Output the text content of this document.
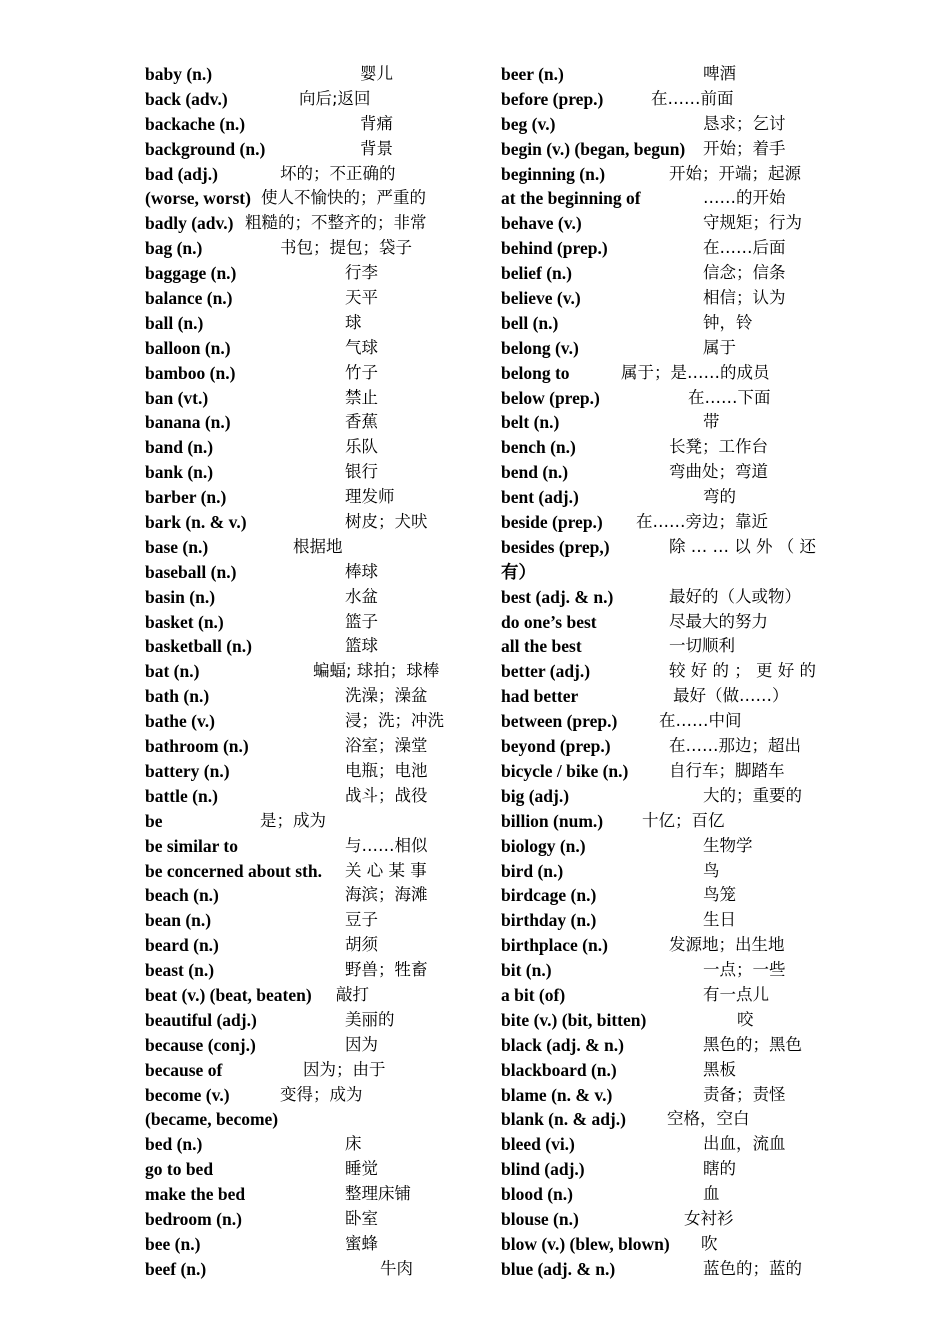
baby (n.)	婴儿
back (adv.)	向后;返回
backache (n.)	背痛
background (n.)	背景
bad (adj.)	坏的；不正确的
(worse, worst) 使人不愉快的；严重的
badly (adv.) 粗糙的；不整齐的；非常
bag (n.)	书包；提包；袋子
baggage (n.)	行李
balance (n.)	天平
ball (n.)	球
balloon (n.)	气球
bamboo (n.)	竹子
ban (vt.)	禁止
banana (n.)	香蕉
band (n.)	乐队
bank (n.)	银行
barber (n.)	理发师
bark (n. & v.)	树皮；犬吠
base (n.)	根据地
baseball (n.)	棒球
basin (n.)	水盆
basket (n.)	篮子
basketball (n.)	篮球
bat (n.)	蝙蝠; 球拍；球棒
bath (n.)	洗澡；澡盆
bathe (v.)	浸；洗；冲洗
bathroom (n.)	浴室；澡堂
battery (n.)	电瓶；电池
battle (n.)	战斗；战役
be	是；成为
be similar to	与……相似
be concerned about sth. 关 心 某 事
beach (n.)	海滨；海滩
bean (n.)	豆子
beard (n.)	胡须
beast (n.)	野兽；牲畜
beat (v.) (beat, beaten) 敲打
beautiful (adj.)	美丽的
because (conj.)	因为
because of	因为；由于
become (v.)	变得；成为
(became, become)
bed (n.)	床
go to bed	睡觉
make the bed	整理床铺
bedroom (n.)	卧室
bee (n.)	蜜蜂
beef (n.)	牛肉
beer (n.)	啤酒
before (prep.)	在……前面
beg (v.)	恳求；乞讨
begin (v.) (began, begun) 开始；着手
beginning (n.)	开始；开端；起源
at the beginning of	……的开始
behave (v.)	守规矩；行为
behind (prep.)	在……后面
belief (n.)	信念；信条
believe (v.)	相信；认为
bell (n.)	钟，铃
belong (v.)	属于
belong to	属于；是……的成员
below (prep.)	在……下面
belt (n.)	带
bench (n.)	长凳；工作台
bend (n.)	弯曲处；弯道
bent (adj.)	弯的
beside (prep.) 在……旁边；靠近
besides (prep,)	除 … … 以 外 （ 还
有）
best (adj. & n.)	最好的（人或物）
do one’s best	尽最大的努力
all the best	一切顺利
better (adj.)	较 好 的 ； 更 好 的
had better	最好（做……）
between (prep.)	在……中间
beyond (prep.)	在……那边；超出
bicycle / bike (n.) 自行车；脚踏车
big (adj.)	大的；重要的
billion (num.) 十亿；百亿
biology (n.)	生物学
bird (n.)	鸟
birdcage (n.)	鸟笼
birthday (n.)	生日
birthplace (n.)	发源地；出生地
bit (n.)	一点；一些
a bit (of)	有一点儿
bite (v.) (bit, bitten)	咬
black (adj. & n.)	黑色的；黑色
blackboard (n.)	黑板
blame (n. & v.)	责备；责怪
blank (n. & adj.) 空格，空白
bleed (vi.)	出血，流血
blind (adj.)	瞎的
blood (n.)	血
blouse (n.)	女衬衫
blow (v.) (blew, blown) 吹
blue (adj. & n.)	蓝色的；蓝的
